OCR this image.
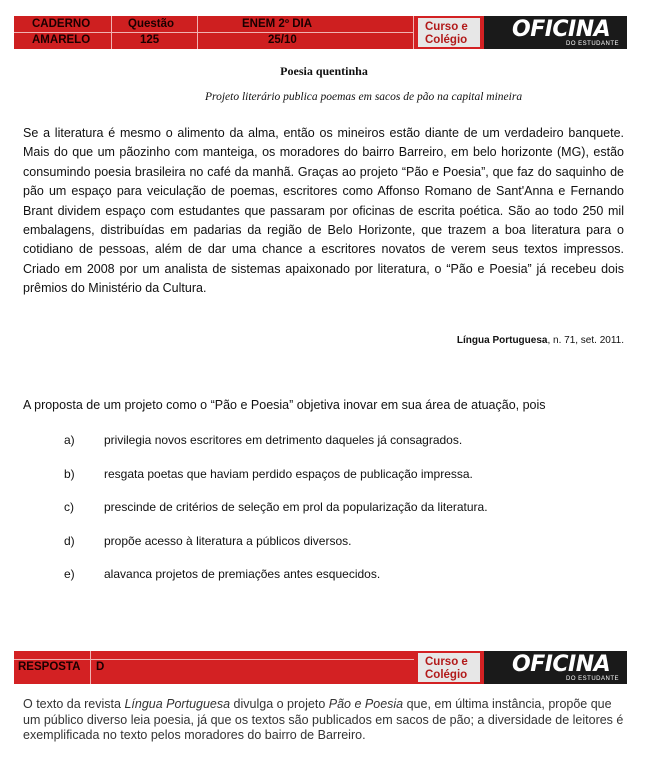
CADERNO
AMARELO
Questão
125
ENEM 2º DIA
25/10
Curso e
Colégio OFICINA
DO ESTUDANTE
Poesia quentinha
Projeto literário publica poemas em sacos de pão na capital mineira
Se a literatura é mesmo o alimento da alma, então os mineiros estão diante de um verdadeiro banquete. Mais do que um pãozinho com manteiga, os moradores do bairro Barreiro, em belo horizonte (MG), estão consumindo poesia brasileira no café da manhã. Graças ao projeto “Pão e Poesia”, que faz do saquinho de pão um espaço para veiculação de poemas, escritores como Affonso Romano de Sant'Anna e Fernando Brant dividem espaço com estudantes que passaram por oficinas de escrita poética. São ao todo 250 mil embalagens, distribuídas em padarias da região de Belo Horizonte, que trazem a boa literatura para o cotidiano de pessoas, além de dar uma chance a escritores novatos de verem seus textos impressos. Criado em 2008 por um analista de sistemas apaixonado por literatura, o “Pão e Poesia” já recebeu dois prêmios do Ministério da Cultura.
Língua Portuguesa, n. 71, set. 2011.
A proposta de um projeto como o “Pão e Poesia” objetiva inovar em sua área de atuação, pois
a) privilegia novos escritores em detrimento daqueles já consagrados.
b) resgata poetas que haviam perdido espaços de publicação impressa.
c)	prescinde de critérios de seleção em prol da popularização da literatura.
d) propõe acesso à literatura a públicos diversos.
e) alavanca projetos de premiações antes esquecidos.
RESPOSTA D	Curso e
Colégio OFICINA
DO ESTUDANTE
O texto da revista Língua Portuguesa divulga o projeto Pão e Poesia que, em última instância, propõe que um público diverso leia poesia, já que os textos são publicados em sacos de pão; a diversidade de leitores é exemplificada no texto pelos moradores do bairro de Barreiro.
